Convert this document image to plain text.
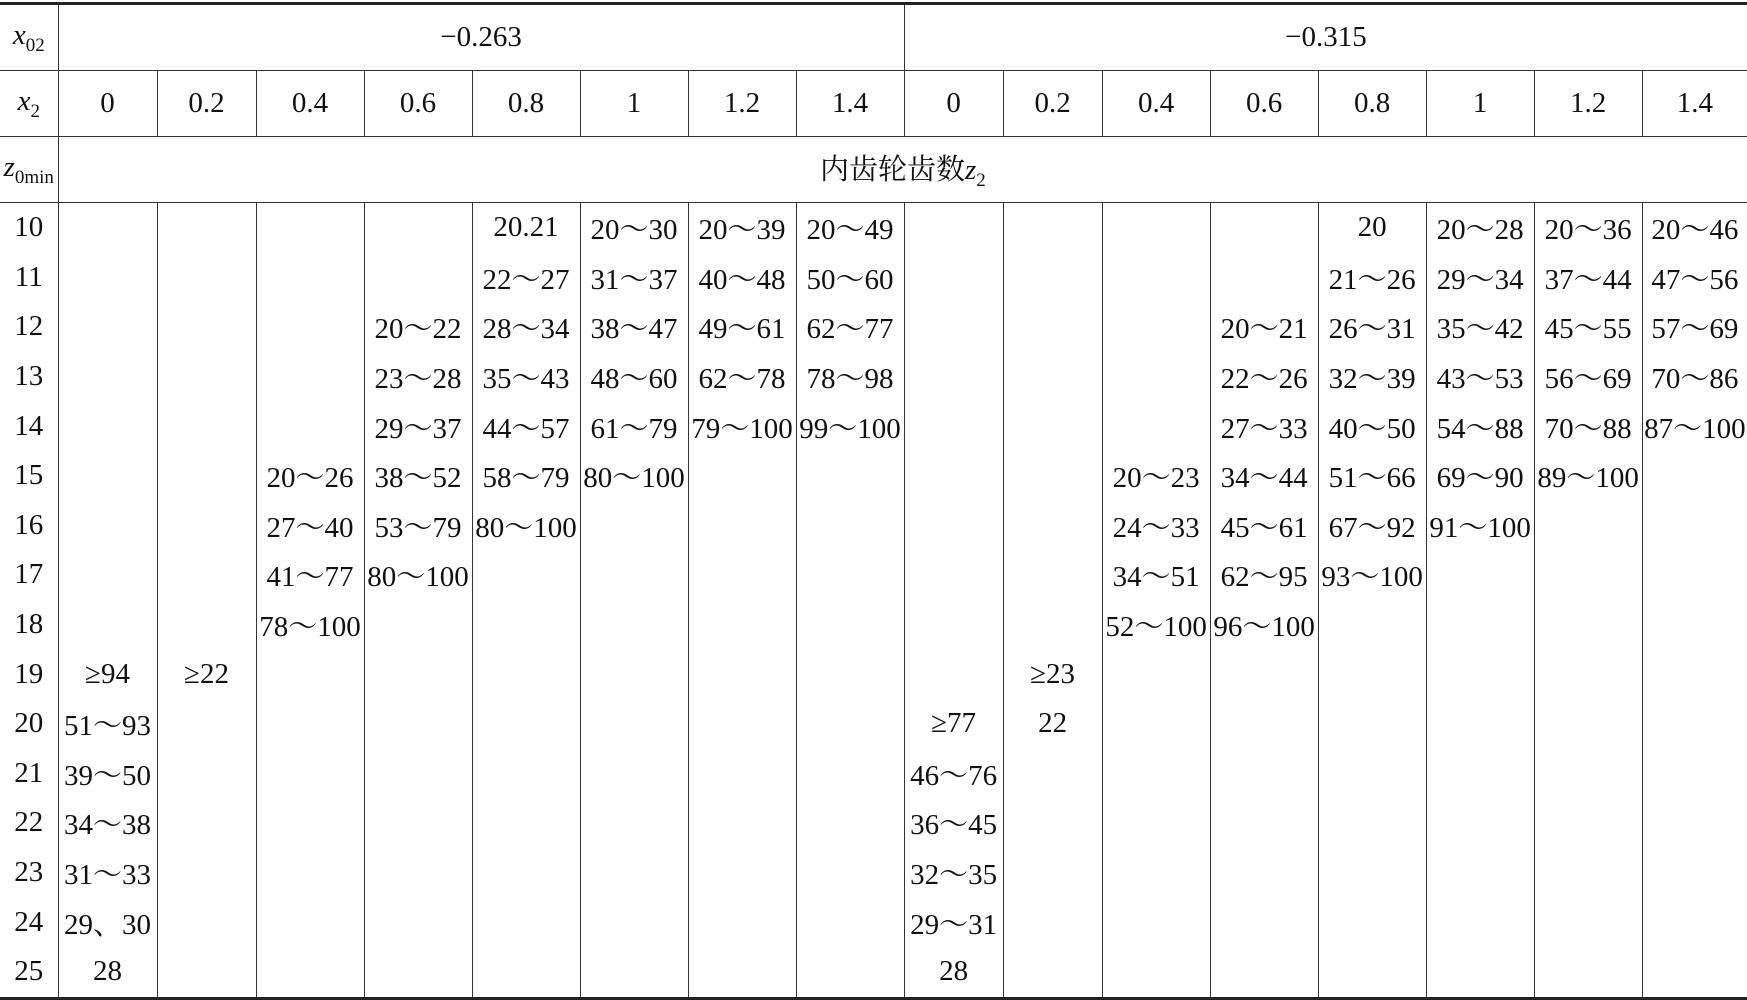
$x_{02}$	−0.263								−0.315							
$x_2$	0	0.2	0.4	0.6	0.8	1	1.2	1.4	0	0.2	0.4	0.6	0.8	1	1.2	1.4
$z_{0min}$	内齿轮齿数$z_2$
10					20.21	20～30	20～39	20～49					20	20～28	20～36	20～46
11					22～27	31～37	40～48	50～60					21～26	29～34	37～44	47～56
12				20～22	28～34	38～47	49～61	62～77				20～21	26～31	35～42	45～55	57～69
13				23～28	35～43	48～60	62～78	78～98				22～26	32～39	43～53	56～69	70～86
14				29～37	44～57	61～79	79～100	99～100				27～33	40～50	54～88	70～88	87～100
15			20～26	38～52	58～79	80～100					20～23	34～44	51～66	69～90	89～100	
16			27～40	53～79	80～100						24～33	45～61	67～92	91～100		
17			41～77	80～100							34～51	62～95	93～100			
18			78～100								52～100	96～100				
19	≥94	≥22								≥23						
20	51～93								≥77	22						
21	39～50								46～76							
22	34～38								36～45							
23	31～33								32～35							
24	29、30								29～31							
25	28								28							
